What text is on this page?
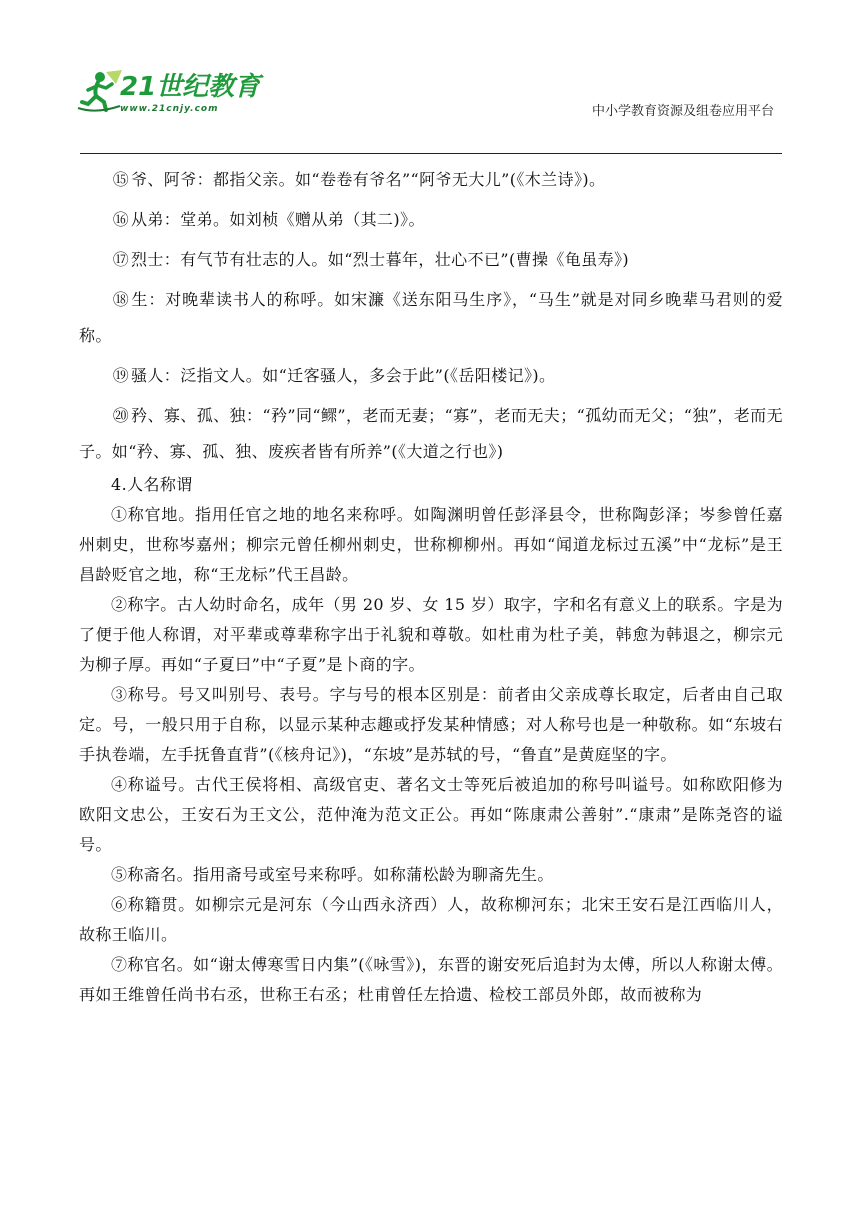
21世纪教育
www.21cnjy.com	中小学教育资源及组卷应用平台

⑮ 爷、阿爷：都指父亲。如“卷卷有爷名”“阿爷无大儿”(《木兰诗》)。

⑯ 从弟：堂弟。如刘桢《赠从弟（其二)》。

⑰ 烈士：有气节有壮志的人。如“烈士暮年，壮心不已”(曹操《龟虽寿》)

⑱ 生：对晚辈读书人的称呼。如宋濂《送东阳马生序》，“马生”就是对同乡晚辈马君则的爱称。

⑲ 骚人：泛指文人。如“迁客骚人，多会于此”(《岳阳楼记》)。

⑳ 矜、寡、孤、独：“矜”同“鳏”，老而无妻；“寡”，老而无夫；“孤幼而无父；“独”，老而无子。如“矜、寡、孤、独、废疾者皆有所养”(《大道之行也》)

4.人名称谓

①称官地。指用任官之地的地名来称呼。如陶渊明曾任彭泽县令，世称陶彭泽；岑参曾任嘉州刺史，世称岑嘉州；柳宗元曾任柳州刺史，世称柳柳州。再如“闻道龙标过五溪”中“龙标”是王昌龄贬官之地，称“王龙标”代王昌龄。

②称字。古人幼时命名，成年（男 20 岁、女 15 岁）取字，字和名有意义上的联系。字是为了便于他人称谓，对平辈或尊辈称字出于礼貌和尊敬。如杜甫为杜子美，韩愈为韩退之，柳宗元为柳子厚。再如“子夏曰”中“子夏”是卜商的字。

③称号。号又叫别号、表号。字与号的根本区别是：前者由父亲成尊长取定，后者由自己取定。号，一般只用于自称，以显示某种志趣或抒发某种情感；对人称号也是一种敬称。如“东坡右手执卷端，左手抚鲁直背”(《核舟记》)，“东坡”是苏轼的号，“鲁直”是黄庭坚的字。

④称谥号。古代王侯将相、高级官吏、著名文士等死后被追加的称号叫谥号。如称欧阳修为欧阳文忠公，王安石为王文公，范仲淹为范文正公。再如“陈康肃公善射”.“康肃”是陈尧咨的谥号。

⑤称斋名。指用斋号或室号来称呼。如称蒲松龄为聊斋先生。

⑥称籍贯。如柳宗元是河东（今山西永济西）人，故称柳河东；北宋王安石是江西临川人，故称王临川。

⑦称官名。如“谢太傅寒雪日内集”(《咏雪》)，东晋的谢安死后追封为太傅，所以人称谢太傅。再如王维曾任尚书右丞，世称王右丞；杜甫曾任左拾遗、检校工部员外郎，故而被称为
